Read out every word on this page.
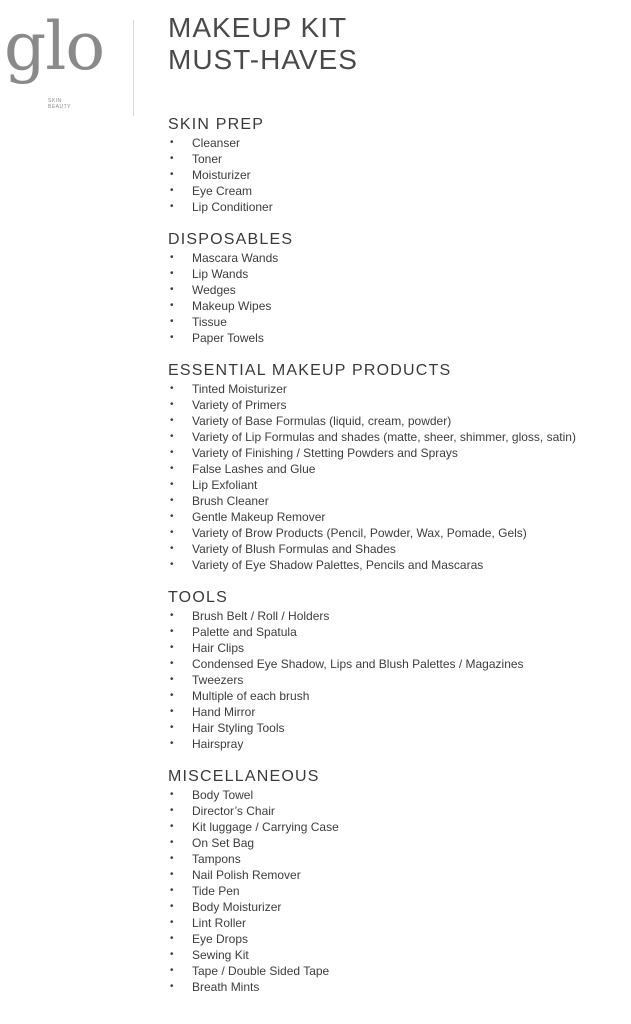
glo
SKIN
BEAUTY
MAKEUP KIT
MUST-HAVES
SKIN PREP
• Cleanser
• Toner
• Moisturizer
• Eye Cream
• Lip Conditioner
DISPOSABLES
• Mascara Wands
• Lip Wands
• Wedges
• Makeup Wipes
• Tissue
• Paper Towels
ESSENTIAL MAKEUP PRODUCTS
• Tinted Moisturizer
• Variety of Primers
• Variety of Base Formulas (liquid, cream, powder)
• Variety of Lip Formulas and shades (matte, sheer, shimmer, gloss, satin)
• Variety of Finishing / Stetting Powders and Sprays
• False Lashes and Glue
• Lip Exfoliant
• Brush Cleaner
• Gentle Makeup Remover
• Variety of Brow Products (Pencil, Powder, Wax, Pomade, Gels)
• Variety of Blush Formulas and Shades
• Variety of Eye Shadow Palettes, Pencils and Mascaras
TOOLS
• Brush Belt / Roll / Holders
• Palette and Spatula
• Hair Clips
• Condensed Eye Shadow, Lips and Blush Palettes / Magazines
• Tweezers
• Multiple of each brush
• Hand Mirror
• Hair Styling Tools
• Hairspray
MISCELLANEOUS
• Body Towel
• Director’s Chair
• Kit luggage / Carrying Case
• On Set Bag
• Tampons
• Nail Polish Remover
• Tide Pen
• Body Moisturizer
• Lint Roller
• Eye Drops
• Sewing Kit
• Tape / Double Sided Tape
• Breath Mints
